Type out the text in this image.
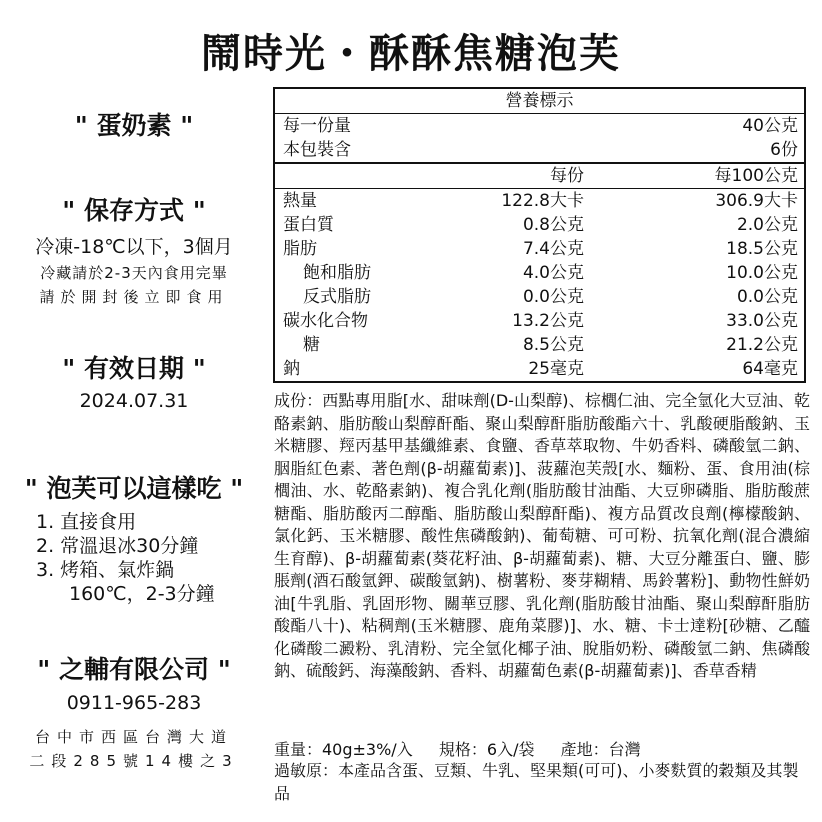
鬧時光・酥酥焦糖泡芙
" 蛋奶素 "
" 保存方式 "
冷凍-18℃以下，3個月
冷藏請於2-3天內食用完畢
請於開封後立即食用
" 有效日期 "
2024.07.31
" 泡芙可以這樣吃 "
1. 直接食用
2. 常溫退冰30分鐘
3. 烤箱、氣炸鍋
160℃，2-3分鐘
" 之輔有限公司 "
0911-965-283
台中市西區台灣大道
二段285號14樓之3
營養標示
每一份量	40公克
本包裝含	6份
每份	每100公克
熱量	122.8大卡	306.9大卡
蛋白質	0.8公克	2.0公克
脂肪	7.4公克	18.5公克
飽和脂肪	4.0公克	10.0公克
反式脂肪	0.0公克	0.0公克
碳水化合物	13.2公克	33.0公克
糖	8.5公克	21.2公克
鈉	25毫克	64毫克
成份：西點專用脂[水、甜味劑(D-山梨醇)、棕櫚仁油、完全氫化大豆油、乾酪素鈉、脂肪酸山梨醇酐酯、聚山梨醇酐脂肪酸酯六十、乳酸硬脂酸鈉、玉米糖膠、羥丙基甲基纖維素、食鹽、香草萃取物、牛奶香料、磷酸氫二鈉、胭脂紅色素、著色劑(β-胡蘿蔔素)]、菠蘿泡芙殼[水、麵粉、蛋、食用油(棕櫚油、水、乾酪素鈉)、複合乳化劑(脂肪酸甘油酯、大豆卵磷脂、脂肪酸蔗糖酯、脂肪酸丙二醇酯、脂肪酸山梨醇酐酯)、複方品質改良劑(檸檬酸鈉、氯化鈣、玉米糖膠、酸性焦磷酸鈉)、葡萄糖、可可粉、抗氧化劑(混合濃縮生育醇)、β-胡蘿蔔素(葵花籽油、β-胡蘿蔔素)、糖、大豆分離蛋白、鹽、膨脹劑(酒石酸氫鉀、碳酸氫鈉)、樹薯粉、麥芽糊精、馬鈴薯粉]、動物性鮮奶油[牛乳脂、乳固形物、關華豆膠、乳化劑(脂肪酸甘油酯、聚山梨醇酐脂肪酸酯八十)、粘稠劑(玉米糖膠、鹿角菜膠)]、水、糖、卡士達粉[砂糖、乙醯化磷酸二澱粉、乳清粉、完全氫化椰子油、脫脂奶粉、磷酸氫二鈉、焦磷酸鈉、硫酸鈣、海藻酸鈉、香料、胡蘿蔔色素(β-胡蘿蔔素)]、香草香精
重量：40g±3%/入 規格：6入/袋 產地：台灣
過敏原：本產品含蛋、豆類、牛乳、堅果類(可可)、小麥麩質的穀類及其製品
